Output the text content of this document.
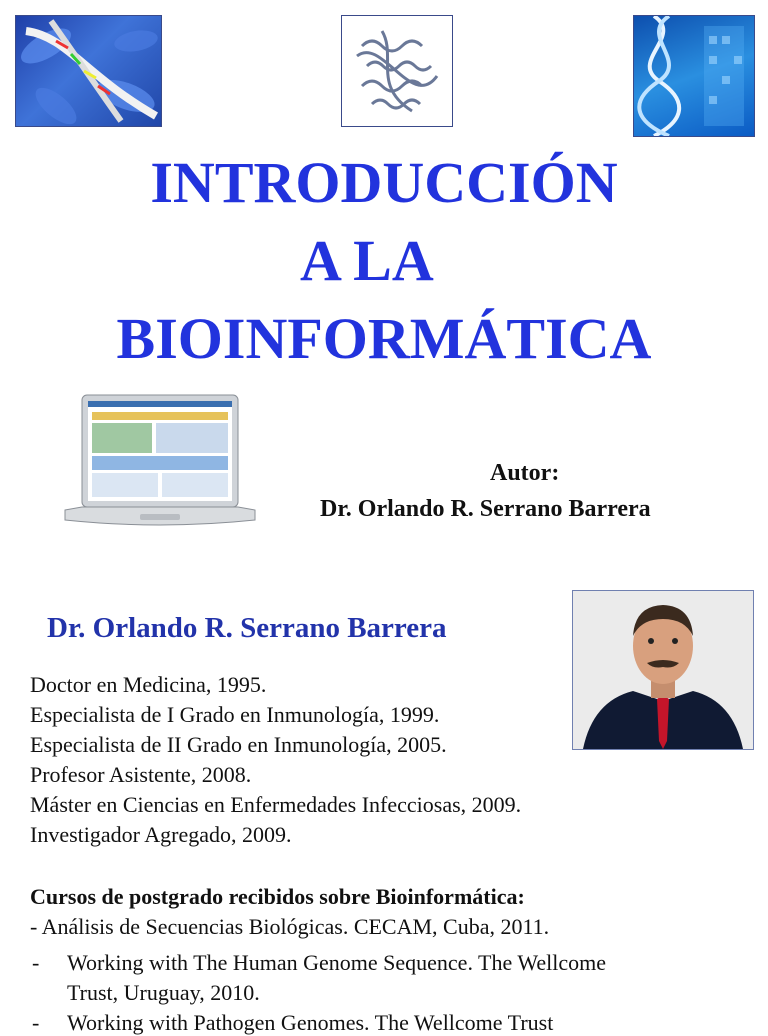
INTRODUCCIÓN
A LA
BIOINFORMÁTICA
Autor:
Dr. Orlando R. Serrano Barrera
Dr. Orlando R. Serrano Barrera
Doctor en Medicina, 1995.
Especialista de I Grado en Inmunología, 1999.
Especialista de II Grado en Inmunología, 2005.
Profesor Asistente, 2008.
Máster en Ciencias en Enfermedades Infecciosas, 2009.
Investigador Agregado, 2009.
Cursos de postgrado recibidos sobre Bioinformática:
- Análisis de Secuencias Biológicas. CECAM, Cuba, 2011.
- Working with The Human Genome Sequence. The Wellcome
Trust, Uruguay, 2010.
- Working with Pathogen Genomes. The Wellcome Trust
